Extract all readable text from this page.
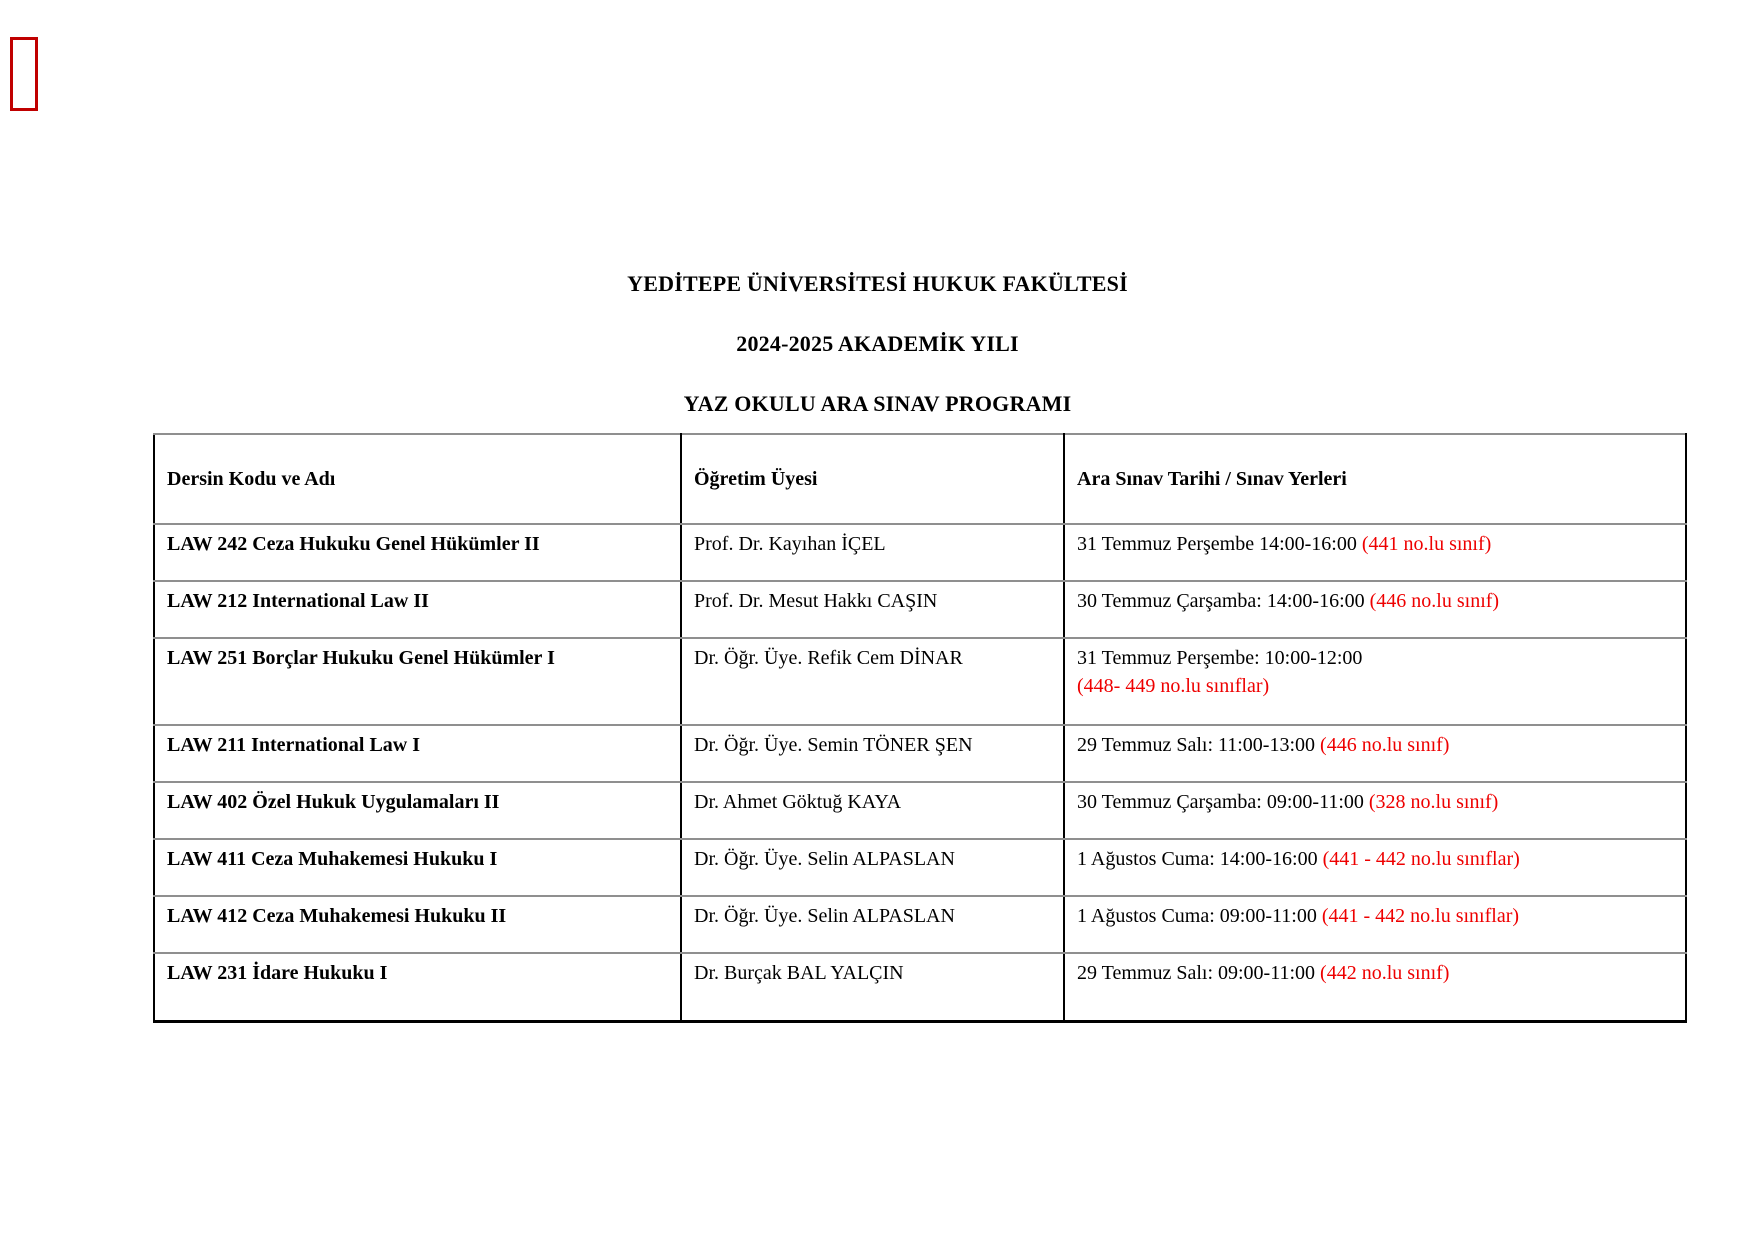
YEDİTEPE ÜNİVERSİTESİ HUKUK FAKÜLTESİ

2024-2025 AKADEMİK YILI

YAZ OKULU ARA SINAV PROGRAMI

Dersin Kodu ve Adı	Öğretim Üyesi	Ara Sınav Tarihi / Sınav Yerleri
LAW 242 Ceza Hukuku Genel Hükümler II	Prof. Dr. Kayıhan İÇEL	31 Temmuz Perşembe 14:00-16:00 (441 no.lu sınıf)
LAW 212 International Law II	Prof. Dr. Mesut Hakkı CAŞIN	30 Temmuz Çarşamba: 14:00-16:00 (446 no.lu sınıf)
LAW 251 Borçlar Hukuku Genel Hükümler I	Dr. Öğr. Üye. Refik Cem DİNAR	31 Temmuz Perşembe: 10:00-12:00
(448- 449 no.lu sınıflar)
LAW 211 International Law I	Dr. Öğr. Üye. Semin TÖNER ŞEN	29 Temmuz Salı: 11:00-13:00 (446 no.lu sınıf)
LAW 402 Özel Hukuk Uygulamaları II	Dr. Ahmet Göktuğ KAYA	30 Temmuz Çarşamba: 09:00-11:00 (328 no.lu sınıf)
LAW 411 Ceza Muhakemesi Hukuku I	Dr. Öğr. Üye. Selin ALPASLAN	1 Ağustos Cuma: 14:00-16:00 (441 - 442 no.lu sınıflar)
LAW 412 Ceza Muhakemesi Hukuku II	Dr. Öğr. Üye. Selin ALPASLAN	1 Ağustos Cuma: 09:00-11:00 (441 - 442 no.lu sınıflar)
LAW 231 İdare Hukuku I	Dr. Burçak BAL YALÇIN	29 Temmuz Salı: 09:00-11:00 (442 no.lu sınıf)
